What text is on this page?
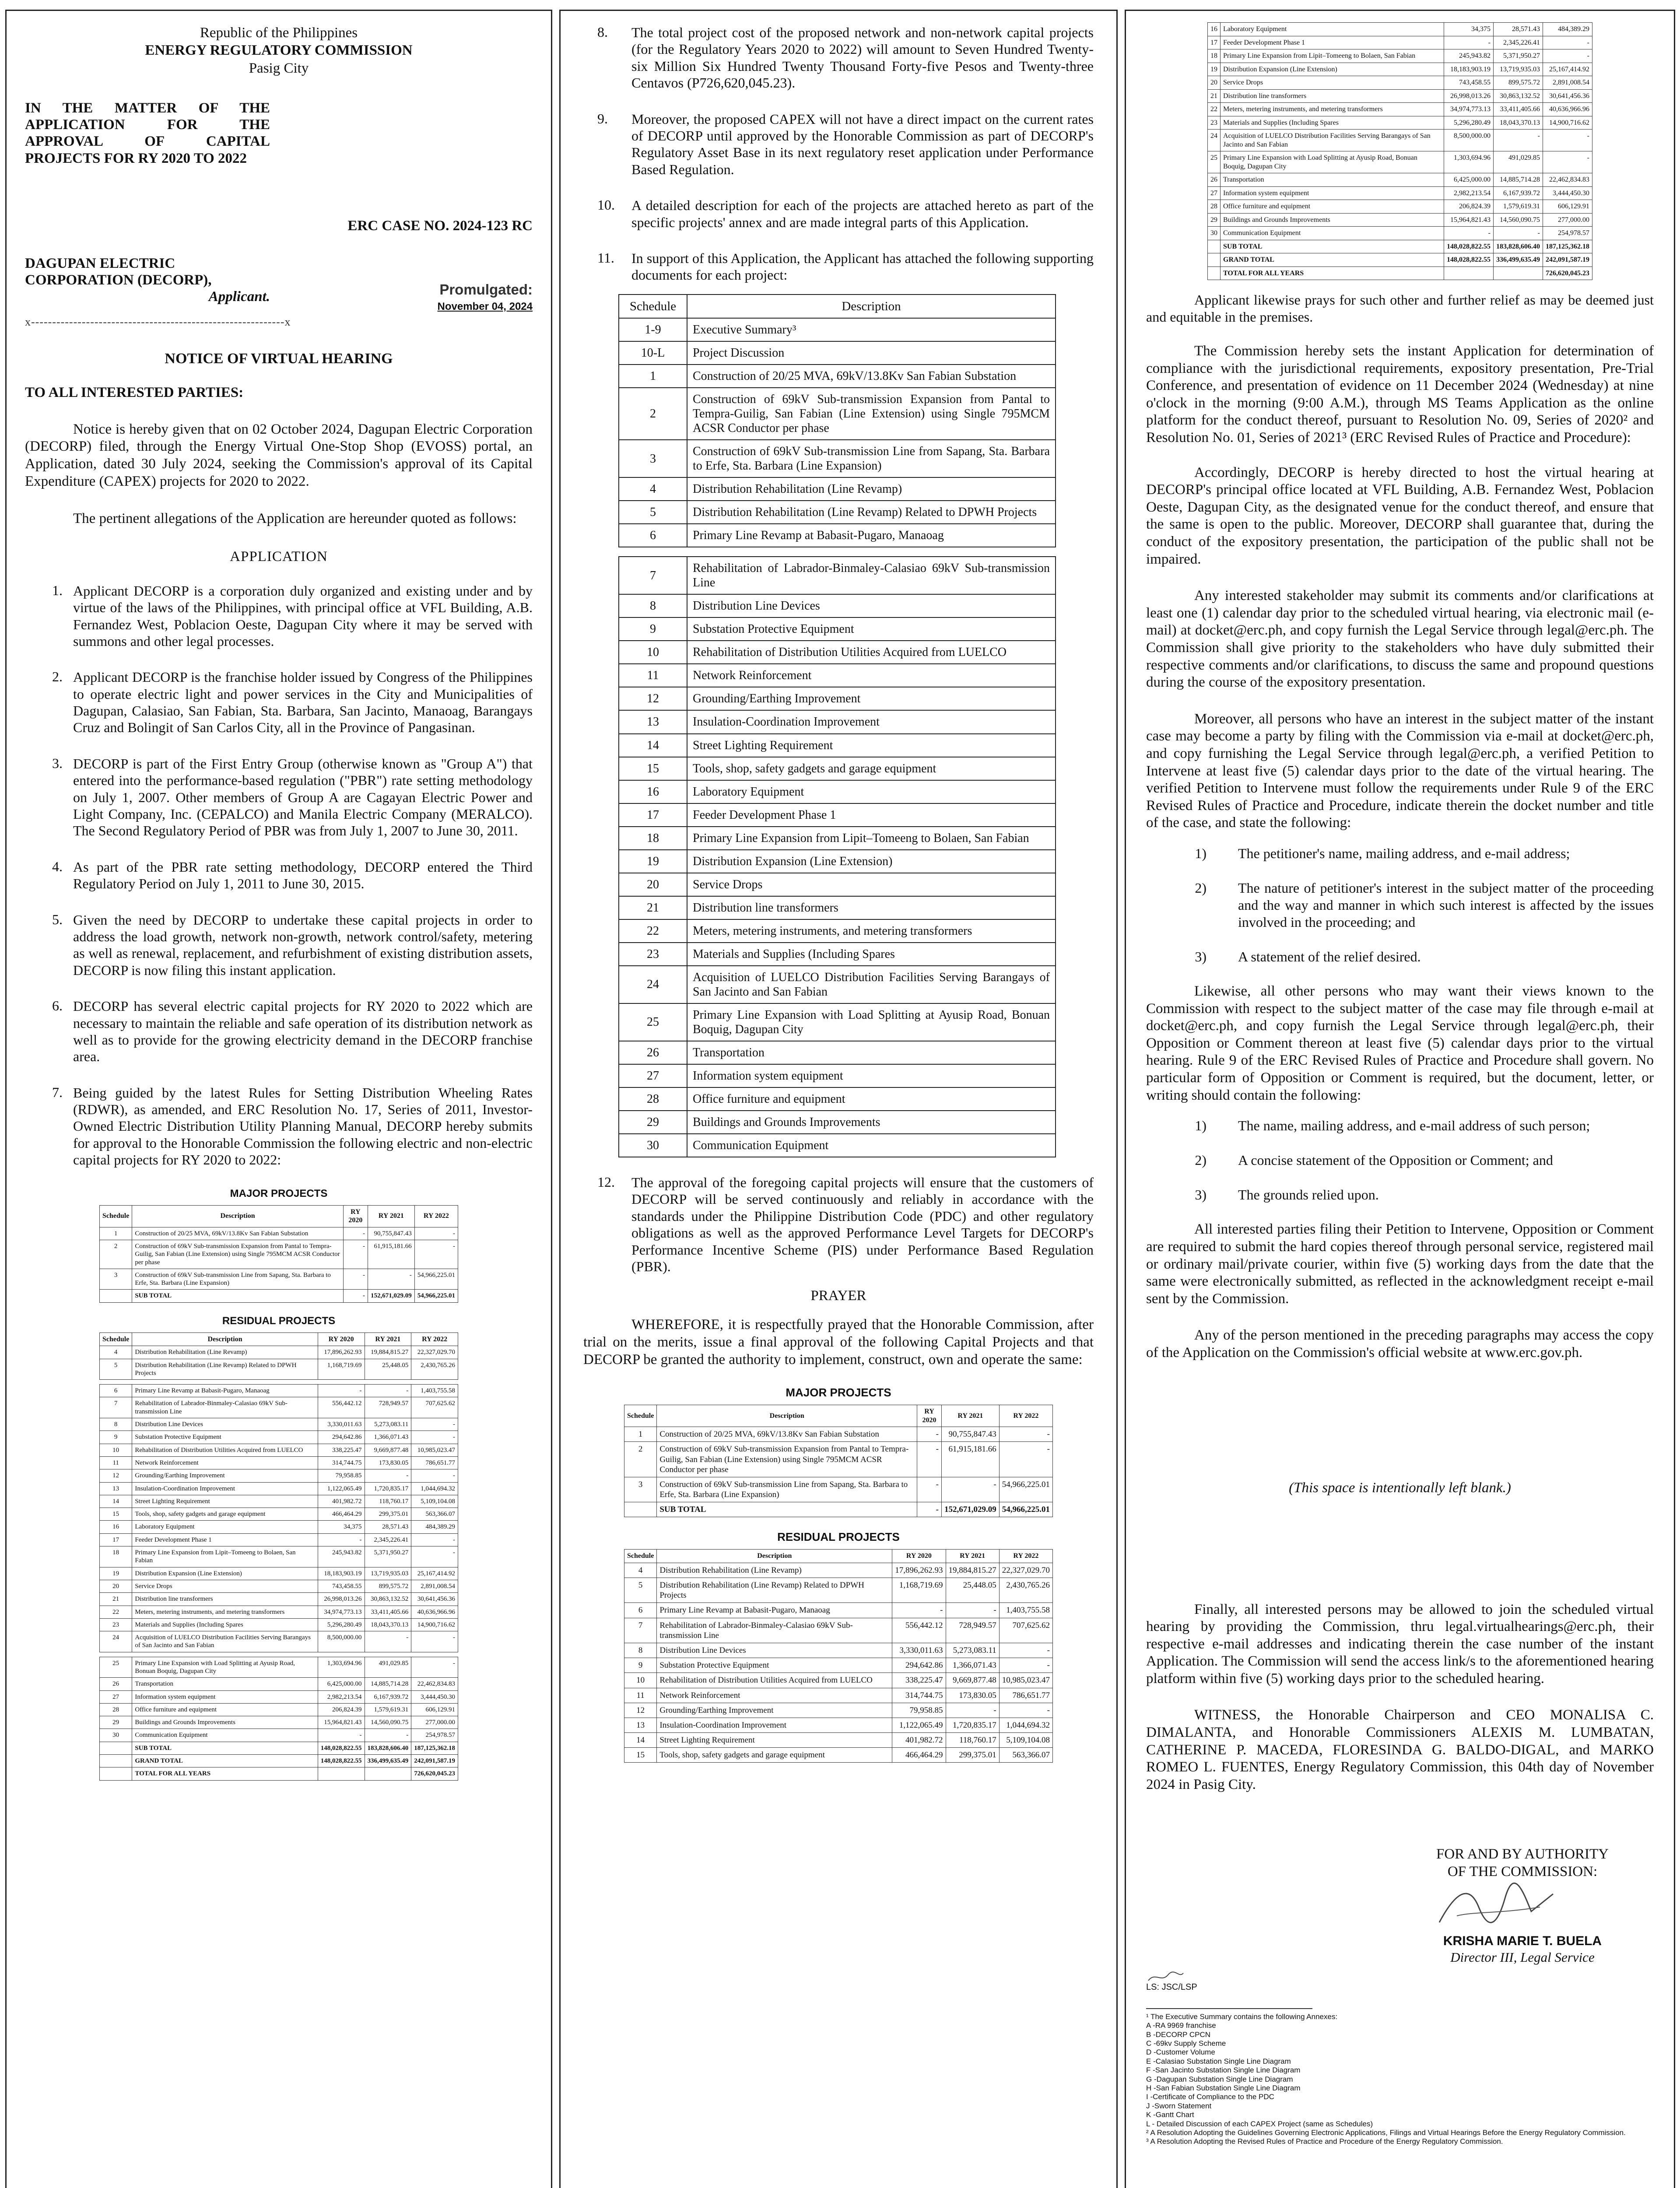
Republic of the Philippines
ENERGY REGULATORY COMMISSION
Pasig City
IN THE MATTER OF THE APPLICATION FOR THE APPROVAL OF CAPITAL PROJECTS FOR RY 2020 TO 2022
ERC CASE NO. 2024-123 RC
DAGUPAN ELECTRIC CORPORATION (DECORP),
Applicant.	Promulgated:
November 04, 2024
x------------------------------------------------------------x
NOTICE OF VIRTUAL HEARING
TO ALL INTERESTED PARTIES:

Notice is hereby given that on 02 October 2024, Dagupan Electric Corporation (DECORP) filed, through the Energy Virtual One-Stop Shop (EVOSS) portal, an Application, dated 30 July 2024, seeking the Commission's approval of its Capital Expenditure (CAPEX) projects for 2020 to 2022.

The pertinent allegations of the Application are hereunder quoted as follows:

APPLICATION
1. Applicant DECORP is a corporation duly organized and existing under and by virtue of the laws of the Philippines, with principal office at VFL Building, A.B. Fernandez West, Poblacion Oeste, Dagupan City where it may be served with summons and other legal processes.
2. Applicant DECORP is the franchise holder issued by Congress of the Philippines to operate electric light and power services in the City and Municipalities of Dagupan, Calasiao, San Fabian, Sta. Barbara, San Jacinto, Manaoag, Barangays Cruz and Bolingit of San Carlos City, all in the Province of Pangasinan.
3. DECORP is part of the First Entry Group (otherwise known as "Group A") that entered into the performance-based regulation ("PBR") rate setting methodology on July 1, 2007. Other members of Group A are Cagayan Electric Power and Light Company, Inc. (CEPALCO) and Manila Electric Company (MERALCO). The Second Regulatory Period of PBR was from July 1, 2007 to June 30, 2011.
4. As part of the PBR rate setting methodology, DECORP entered the Third Regulatory Period on July 1, 2011 to June 30, 2015.
5. Given the need by DECORP to undertake these capital projects in order to address the load growth, network non-growth, network control/safety, metering as well as renewal, replacement, and refurbishment of existing distribution assets, DECORP is now filing this instant application.
6. DECORP has several electric capital projects for RY 2020 to 2022 which are necessary to maintain the reliable and safe operation of its distribution network as well as to provide for the growing electricity demand in the DECORP franchise area.
7. Being guided by the latest Rules for Setting Distribution Wheeling Rates (RDWR), as amended, and ERC Resolution No. 17, Series of 2011, Investor-Owned Electric Distribution Utility Planning Manual, DECORP hereby submits for approval to the Honorable Commission the following electric and non-electric capital projects for RY 2020 to 2022:
MAJOR PROJECTS
Schedule	Description	RY 2020	RY 2021	RY 2022
1	Construction of 20/25 MVA, 69kV/13.8Kv San Fabian Substation	-	90,755,847.43	-
2	Construction of 69kV Sub-transmission Expansion from Pantal to Tempra-Guilig, San Fabian (Line Extension) using Single 795MCM ACSR Conductor per phase	-	61,915,181.66	-
3	Construction of 69kV Sub-transmission Line from Sapang, Sta. Barbara to Erfe, Sta. Barbara (Line Expansion)	-	-	54,966,225.01
	SUB TOTAL	-	152,671,029.09	54,966,225.01
RESIDUAL PROJECTS
Schedule	Description	RY 2020	RY 2021	RY 2022
4	Distribution Rehabilitation (Line Revamp)	17,896,262.93	19,884,815.27	22,327,029.70
5	Distribution Rehabilitation (Line Revamp) Related to DPWH Projects	1,168,719.69	25,448.05	2,430,765.26

6	Primary Line Revamp at Babasit-Pugaro, Manaoag	-	-	1,403,755.58
7	Rehabilitation of Labrador-Binmaley-Calasiao 69kV Sub-transmission Line	556,442.12	728,949.57	707,625.62
8	Distribution Line Devices	3,330,011.63	5,273,083.11	-
9	Substation Protective Equipment	294,642.86	1,366,071.43	-
10	Rehabilitation of Distribution Utilities Acquired from LUELCO	338,225.47	9,669,877.48	10,985,023.47
11	Network Reinforcement	314,744.75	173,830.05	786,651.77
12	Grounding/Earthing Improvement	79,958.85	-	-
13	Insulation-Coordination Improvement	1,122,065.49	1,720,835.17	1,044,694.32
14	Street Lighting Requirement	401,982.72	118,760.17	5,109,104.08
15	Tools, shop, safety gadgets and garage equipment	466,464.29	299,375.01	563,366.07
16	Laboratory Equipment	34,375	28,571.43	484,389.29
17	Feeder Development Phase 1	-	2,345,226.41	-
18	Primary Line Expansion from Lipit–Tomeeng to Bolaen, San Fabian	245,943.82	5,371,950.27	-
19	Distribution Expansion (Line Extension)	18,183,903.19	13,719,935.03	25,167,414.92
20	Service Drops	743,458.55	899,575.72	2,891,008.54
21	Distribution line transformers	26,998,013.26	30,863,132.52	30,641,456.36
22	Meters, metering instruments, and metering transformers	34,974,773.13	33,411,405.66	40,636,966.96
23	Materials and Supplies (Including Spares	5,296,280.49	18,043,370.13	14,900,716.62
24	Acquisition of LUELCO Distribution Facilities Serving Barangays of San Jacinto and San Fabian	8,500,000.00	-	-

25	Primary Line Expansion with Load Splitting at Ayusip Road, Bonuan Boquig, Dagupan City	1,303,694.96	491,029.85	-
26	Transportation	6,425,000.00	14,885,714.28	22,462,834.83
27	Information system equipment	2,982,213.54	6,167,939.72	3,444,450.30
28	Office furniture and equipment	206,824.39	1,579,619.31	606,129.91
29	Buildings and Grounds Improvements	15,964,821.43	14,560,090.75	277,000.00
30	Communication Equipment	-	-	254,978.57
	SUB TOTAL	148,028,822.55	183,828,606.40	187,125,362.18
	GRAND TOTAL	148,028,822.55	336,499,635.49	242,091,587.19
	TOTAL FOR ALL YEARS			726,620,045.23
8.	The total project cost of the proposed network and non-network capital projects (for the Regulatory Years 2020 to 2022) will amount to Seven Hundred Twenty-six Million Six Hundred Twenty Thousand Forty-five Pesos and Twenty-three Centavos (P726,620,045.23).
9.	Moreover, the proposed CAPEX will not have a direct impact on the current rates of DECORP until approved by the Honorable Commission as part of DECORP's Regulatory Asset Base in its next regulatory reset application under Performance Based Regulation.
10.	A detailed description for each of the projects are attached hereto as part of the specific projects' annex and are made integral parts of this Application.
11.	In support of this Application, the Applicant has attached the following supporting documents for each project:
Schedule	Description
1-9	Executive Summary³
10-L	Project Discussion
1	Construction of 20/25 MVA, 69kV/13.8Kv San Fabian Substation
2	Construction of 69kV Sub-transmission Expansion from Pantal to Tempra-Guilig, San Fabian (Line Extension) using Single 795MCM ACSR Conductor per phase
3	Construction of 69kV Sub-transmission Line from Sapang, Sta. Barbara to Erfe, Sta. Barbara (Line Expansion)
4	Distribution Rehabilitation (Line Revamp)
5	Distribution Rehabilitation (Line Revamp) Related to DPWH Projects
6	Primary Line Revamp at Babasit-Pugaro, Manaoag

7	Rehabilitation of Labrador-Binmaley-Calasiao 69kV Sub-transmission Line
8	Distribution Line Devices
9	Substation Protective Equipment
10	Rehabilitation of Distribution Utilities Acquired from LUELCO
11	Network Reinforcement
12	Grounding/Earthing Improvement
13	Insulation-Coordination Improvement
14	Street Lighting Requirement
15	Tools, shop, safety gadgets and garage equipment
16	Laboratory Equipment
17	Feeder Development Phase 1
18	Primary Line Expansion from Lipit–Tomeeng to Bolaen, San Fabian
19	Distribution Expansion (Line Extension)
20	Service Drops
21	Distribution line transformers
22	Meters, metering instruments, and metering transformers
23	Materials and Supplies (Including Spares
24	Acquisition of LUELCO Distribution Facilities Serving Barangays of San Jacinto and San Fabian
25	Primary Line Expansion with Load Splitting at Ayusip Road, Bonuan Boquig, Dagupan City
26	Transportation
27	Information system equipment
28	Office furniture and equipment
29	Buildings and Grounds Improvements
30	Communication Equipment
12.	The approval of the foregoing capital projects will ensure that the customers of DECORP will be served continuously and reliably in accordance with the standards under the Philippine Distribution Code (PDC) and other regulatory obligations as well as the approved Performance Level Targets for DECORP's Performance Incentive Scheme (PIS) under Performance Based Regulation (PBR).
PRAYER

WHEREFORE, it is respectfully prayed that the Honorable Commission, after trial on the merits, issue a final approval of the following Capital Projects and that DECORP be granted the authority to implement, construct, own and operate the same:

MAJOR PROJECTS
Schedule	Description	RY 2020	RY 2021	RY 2022
1	Construction of 20/25 MVA, 69kV/13.8Kv San Fabian Substation	-	90,755,847.43	-
2	Construction of 69kV Sub-transmission Expansion from Pantal to Tempra-Guilig, San Fabian (Line Extension) using Single 795MCM ACSR Conductor per phase	-	61,915,181.66	-
3	Construction of 69kV Sub-transmission Line from Sapang, Sta. Barbara to Erfe, Sta. Barbara (Line Expansion)	-	-	54,966,225.01
	SUB TOTAL	-	152,671,029.09	54,966,225.01
RESIDUAL PROJECTS
Schedule	Description	RY 2020	RY 2021	RY 2022
4	Distribution Rehabilitation (Line Revamp)	17,896,262.93	19,884,815.27	22,327,029.70
5	Distribution Rehabilitation (Line Revamp) Related to DPWH Projects	1,168,719.69	25,448.05	2,430,765.26
6	Primary Line Revamp at Babasit-Pugaro, Manaoag	-	-	1,403,755.58
7	Rehabilitation of Labrador-Binmaley-Calasiao 69kV Sub-transmission Line	556,442.12	728,949.57	707,625.62
8	Distribution Line Devices	3,330,011.63	5,273,083.11	-
9	Substation Protective Equipment	294,642.86	1,366,071.43	-
10	Rehabilitation of Distribution Utilities Acquired from LUELCO	338,225.47	9,669,877.48	10,985,023.47
11	Network Reinforcement	314,744.75	173,830.05	786,651.77
12	Grounding/Earthing Improvement	79,958.85	-	-
13	Insulation-Coordination Improvement	1,122,065.49	1,720,835.17	1,044,694.32
14	Street Lighting Requirement	401,982.72	118,760.17	5,109,104.08
15	Tools, shop, safety gadgets and garage equipment	466,464.29	299,375.01	563,366.07
16	Laboratory Equipment	34,375	28,571.43	484,389.29
17	Feeder Development Phase 1	-	2,345,226.41	-
18	Primary Line Expansion from Lipit–Tomeeng to Bolaen, San Fabian	245,943.82	5,371,950.27	-
19	Distribution Expansion (Line Extension)	18,183,903.19	13,719,935.03	25,167,414.92
20	Service Drops	743,458.55	899,575.72	2,891,008.54
21	Distribution line transformers	26,998,013.26	30,863,132.52	30,641,456.36
22	Meters, metering instruments, and metering transformers	34,974,773.13	33,411,405.66	40,636,966.96
23	Materials and Supplies (Including Spares	5,296,280.49	18,043,370.13	14,900,716.62
24	Acquisition of LUELCO Distribution Facilities Serving Barangays of San Jacinto and San Fabian	8,500,000.00	-	-
25	Primary Line Expansion with Load Splitting at Ayusip Road, Bonuan Boquig, Dagupan City	1,303,694.96	491,029.85	-
26	Transportation	6,425,000.00	14,885,714.28	22,462,834.83
27	Information system equipment	2,982,213.54	6,167,939.72	3,444,450.30
28	Office furniture and equipment	206,824.39	1,579,619.31	606,129.91
29	Buildings and Grounds Improvements	15,964,821.43	14,560,090.75	277,000.00
30	Communication Equipment	-	-	254,978.57
	SUB TOTAL	148,028,822.55	183,828,606.40	187,125,362.18
	GRAND TOTAL	148,028,822.55	336,499,635.49	242,091,587.19
	TOTAL FOR ALL YEARS			726,620,045.23

Applicant likewise prays for such other and further relief as may be deemed just and equitable in the premises.

The Commission hereby sets the instant Application for determination of compliance with the jurisdictional requirements, expository presentation, Pre-Trial Conference, and presentation of evidence on 11 December 2024 (Wednesday) at nine o'clock in the morning (9:00 A.M.), through MS Teams Application as the online platform for the conduct thereof, pursuant to Resolution No. 09, Series of 2020² and Resolution No. 01, Series of 2021³ (ERC Revised Rules of Practice and Procedure):

Accordingly, DECORP is hereby directed to host the virtual hearing at DECORP's principal office located at VFL Building, A.B. Fernandez West, Poblacion Oeste, Dagupan City, as the designated venue for the conduct thereof, and ensure that the same is open to the public. Moreover, DECORP shall guarantee that, during the conduct of the expository presentation, the participation of the public shall not be impaired.

Any interested stakeholder may submit its comments and/or clarifications at least one (1) calendar day prior to the scheduled virtual hearing, via electronic mail (e-mail) at docket@erc.ph, and copy furnish the Legal Service through legal@erc.ph. The Commission shall give priority to the stakeholders who have duly submitted their respective comments and/or clarifications, to discuss the same and propound questions during the course of the expository presentation.

Moreover, all persons who have an interest in the subject matter of the instant case may become a party by filing with the Commission via e-mail at docket@erc.ph, and copy furnishing the Legal Service through legal@erc.ph, a verified Petition to Intervene at least five (5) calendar days prior to the date of the virtual hearing. The verified Petition to Intervene must follow the requirements under Rule 9 of the ERC Revised Rules of Practice and Procedure, indicate therein the docket number and title of the case, and state the following:

1)	The petitioner's name, mailing address, and e-mail address;
2)	The nature of petitioner's interest in the subject matter of the proceeding and the way and manner in which such interest is affected by the issues involved in the proceeding; and
3)	A statement of the relief desired.

Likewise, all other persons who may want their views known to the Commission with respect to the subject matter of the case may file through e-mail at docket@erc.ph, and copy furnish the Legal Service through legal@erc.ph, their Opposition or Comment thereon at least five (5) calendar days prior to the virtual hearing. Rule 9 of the ERC Revised Rules of Practice and Procedure shall govern. No particular form of Opposition or Comment is required, but the document, letter, or writing should contain the following:

1)	The name, mailing address, and e-mail address of such person;
2)	A concise statement of the Opposition or Comment; and
3)	The grounds relied upon.

All interested parties filing their Petition to Intervene, Opposition or Comment are required to submit the hard copies thereof through personal service, registered mail or ordinary mail/private courier, within five (5) working days from the date that the same were electronically submitted, as reflected in the acknowledgment receipt e-mail sent by the Commission.

Any of the person mentioned in the preceding paragraphs may access the copy of the Application on the Commission's official website at www.erc.gov.ph.

(This space is intentionally left blank.)

Finally, all interested persons may be allowed to join the scheduled virtual hearing by providing the Commission, thru legal.virtualhearings@erc.ph, their respective e-mail addresses and indicating therein the case number of the instant Application. The Commission will send the access link/s to the aforementioned hearing platform within five (5) working days prior to the scheduled hearing.

WITNESS, the Honorable Chairperson and CEO MONALISA C. DIMALANTA, and Honorable Commissioners ALEXIS M. LUMBATAN, CATHERINE P. MACEDA, FLORESINDA G. BALDO-DIGAL, and MARKO ROMEO L. FUENTES, Energy Regulatory Commission, this 04th day of November 2024 in Pasig City.

FOR AND BY AUTHORITY
OF THE COMMISSION:
KRISHA MARIE T. BUELA
Director III, Legal Service
LS: JSC/LSP
¹ The Executive Summary contains the following Annexes:
A -RA 9969 franchise
B -DECORP CPCN
C -69kv Supply Scheme
D -Customer Volume
E -Calasiao Substation Single Line Diagram
F -San Jacinto Substation Single Line Diagram
G -Dagupan Substation Single Line Diagram
H -San Fabian Substation Single Line Diagram
I -Certificate of Compliance to the PDC
J -Sworn Statement
K -Gantt Chart
L - Detailed Discussion of each CAPEX Project (same as Schedules)
² A Resolution Adopting the Guidelines Governing Electronic Applications, Filings and Virtual Hearings Before the Energy Regulatory Commission.
³ A Resolution Adopting the Revised Rules of Practice and Procedure of the Energy Regulatory Commission.
